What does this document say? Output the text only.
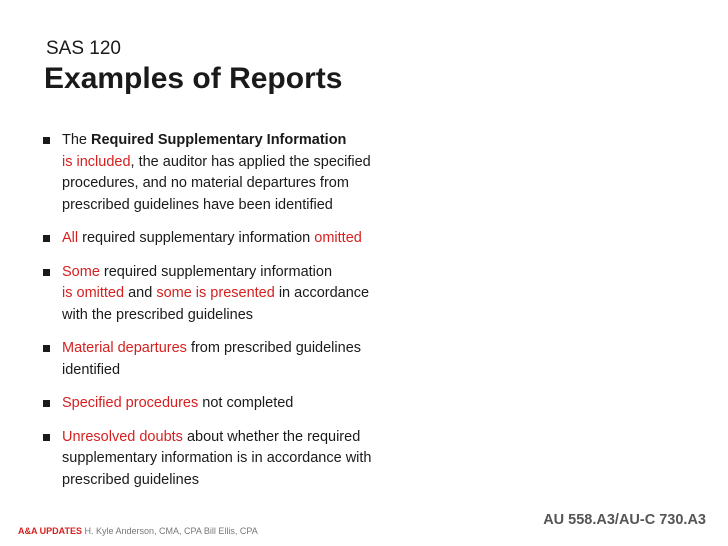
SAS 120
Examples of Reports
The Required Supplementary Information
is included, the auditor has applied the specified
procedures, and no material departures from
prescribed guidelines have been identified
All required supplementary information omitted
Some required supplementary information
is omitted and some is presented in accordance
with the prescribed guidelines
Material departures from prescribed guidelines
identified
Specified procedures not completed
Unresolved doubts about whether the required
supplementary information is in accordance with
prescribed guidelines
A&A UPDATES H. Kyle Anderson, CMA, CPA Bill Ellis, CPA
AU 558.A3/AU-C 730.A3
